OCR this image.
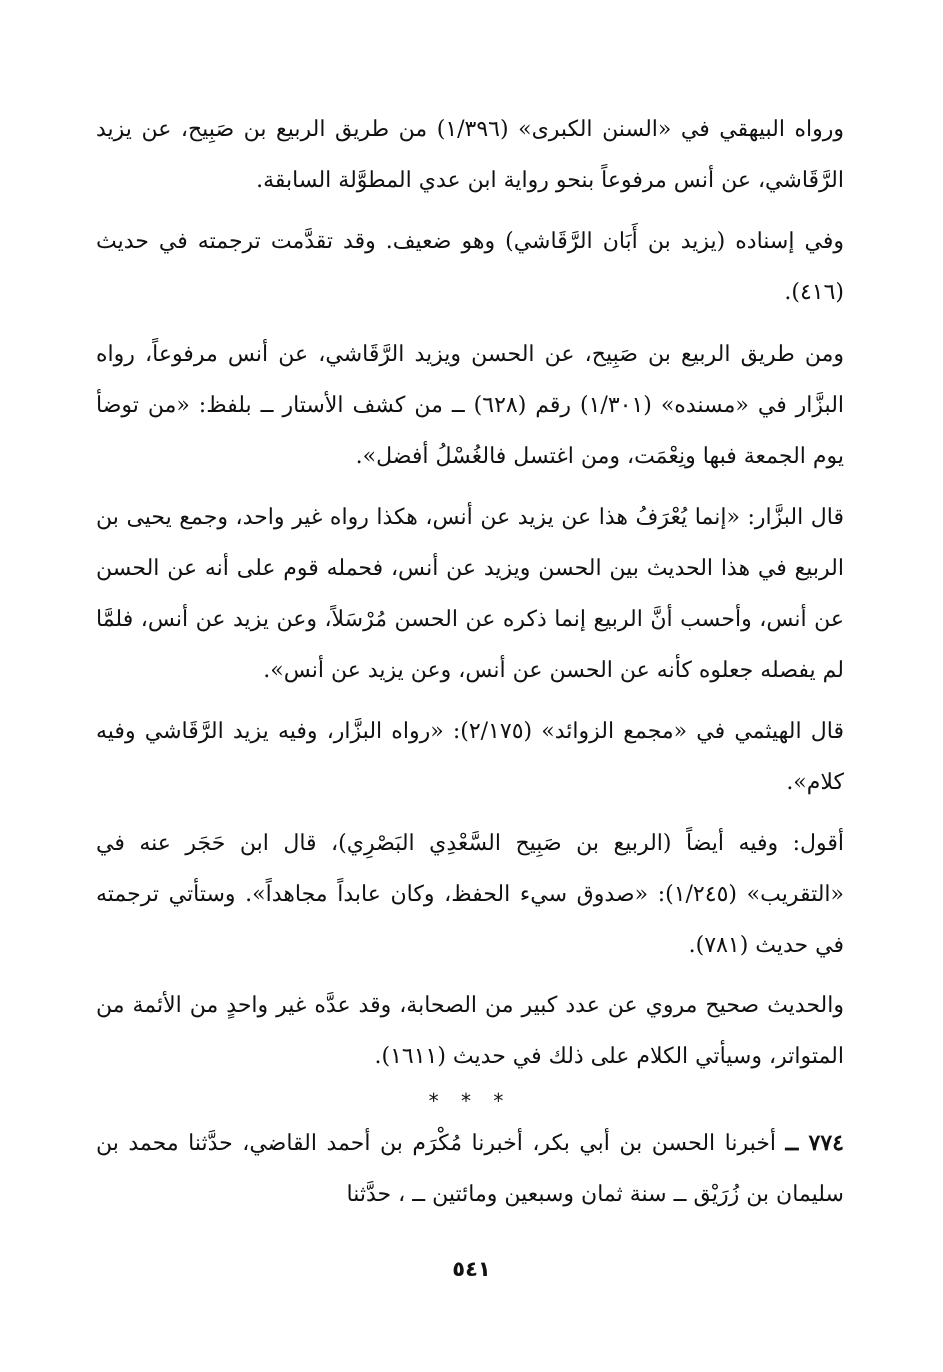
ورواه البيهقي في «السنن الكبرى» (١/٣٩٦) من طريق الربيع بن صَبِيح، عن يزيد الرَّقَاشي، عن أنس مرفوعاً بنحو رواية ابن عدي المطوَّلة السابقة.

وفي إسناده (يزيد بن أَبَان الرَّقَاشي) وهو ضعيف. وقد تقدَّمت ترجمته في حديث (٤١٦).

ومن طريق الربيع بن صَبِيح، عن الحسن ويزيد الرَّقَاشي، عن أنس مرفوعاً، رواه البزَّار في «مسنده» (١/٣٠١) رقم (٦٢٨) ــ من كشف الأستار ــ بلفظ: «من توضأ يوم الجمعة فبها ونِعْمَت، ومن اغتسل فالغُسْلُ أفضل».

قال البزَّار: «إنما يُعْرَفُ هذا عن يزيد عن أنس، هكذا رواه غير واحد، وجمع يحيى بن الربيع في هذا الحديث بين الحسن ويزيد عن أنس، فحمله قوم على أنه عن الحسن عن أنس، وأحسب أنَّ الربيع إنما ذكره عن الحسن مُرْسَلاً، وعن يزيد عن أنس، فلمَّا لم يفصله جعلوه كأنه عن الحسن عن أنس، وعن يزيد عن أنس».

قال الهيثمي في «مجمع الزوائد» (٢/١٧٥): «رواه البزَّار، وفيه يزيد الرَّقَاشي وفيه كلام».

أقول: وفيه أيضاً (الربيع بن صَبِيح السَّعْدِي البَصْرِي)، قال ابن حَجَر عنه في «التقريب» (١/٢٤٥): «صدوق سيء الحفظ، وكان عابداً مجاهداً». وستأتي ترجمته في حديث (٧٨١).

والحديث صحيح مروي عن عدد كبير من الصحابة، وقد عدَّه غير واحدٍ من الأئمة من المتواتر، وسيأتي الكلام على ذلك في حديث (١٦١١).

* * *

٧٧٤ ــ أخبرنا الحسن بن أبي بكر، أخبرنا مُكْرَم بن أحمد القاضي، حدَّثنا محمد بن سليمان بن زُرَيْق ــ سنة ثمان وسبعين ومائتين ــ ، حدَّثنا

٥٤١
